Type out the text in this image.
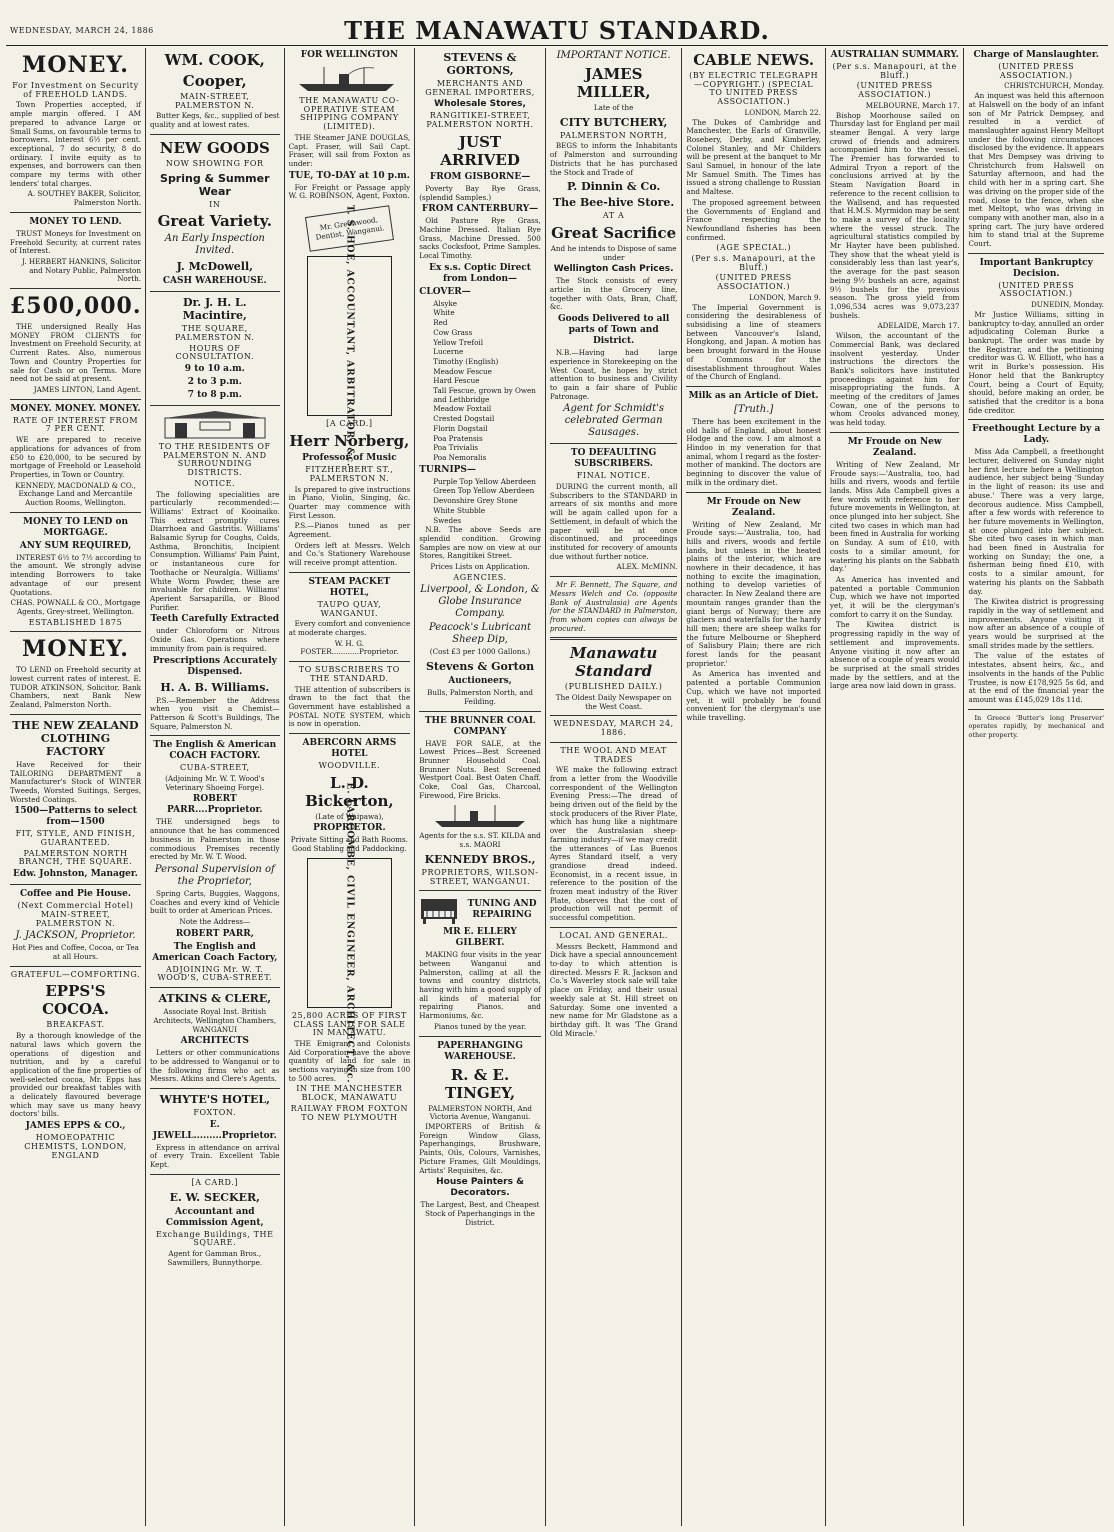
WEDNESDAY, MARCH 24, 1886	THE MANAWATU STANDARD.
MONEY.
For Investment on Security of FREEHOLD LANDS.
Town Properties accepted, if ample margin offered. I AM prepared to advance Large or Small Sums, on favourable terms to borrowers. Interest 6½ per cent. exceptional, 7 do security, 8 do ordinary. I invite equity as to expenses, and borrowers can then compare my terms with other lenders' total charges.
A. SOUTHEY BAKER, Solicitor, Palmerston North.
MONEY TO LEND.
TRUST Moneys for Investment on Freehold Security, at current rates of Interest.
J. HERBERT HANKINS, Solicitor and Notary Public, Palmerston North.
£500,000.
THE undersigned Really Has MONEY FROM CLIENTS for Investment on Freehold Security, at Current Rates. Also, numerous Town and Country Properties for sale for Cash or on Terms. More need not be said at present.
JAMES LINTON, Land Agent.
MONEY. MONEY. MONEY.
RATE OF INTEREST FROM 7 PER CENT.
WE are prepared to receive applications for advances of from £50 to £20,000, to be secured by mortgage of Freehold or Leasehold Properties, in Town or Country.
KENNEDY, MACDONALD & CO., Exchange Land and Mercantile Auction Rooms, Wellington.
MONEY TO LEND on MORTGAGE.
ANY SUM REQUIRED,
INTEREST 6½ to 7½ according to the amount. We strongly advise intending Borrowers to take advantage of our present Quotations.
CHAS. POWNALL & CO., Mortgage Agents, Grey-street, Wellington.
ESTABLISHED 1875
MONEY.
TO LEND on Freehold security at lowest current rates of interest. E. TUDOR ATKINSON, Solicitor, Bank Chambers, next Bank New Zealand, Palmerston North.
THE NEW ZEALAND CLOTHING FACTORY
Have Received for their TAILORING DEPARTMENT a Manufacturer's Stock of WINTER Tweeds, Worsted Suitings, Serges, Worsted Coatings.
1500—Patterns to select from—1500
FIT, STYLE, AND FINISH, GUARANTEED.
PALMERSTON NORTH BRANCH, THE SQUARE.
Edw. Johnston, Manager.
Coffee and Pie House.
(Next Commercial Hotel) MAIN-STREET, PALMERSTON N.
J. JACKSON, Proprietor.
Hot Pies and Coffee, Cocoa, or Tea at all Hours.
GRATEFUL—COMFORTING.
EPPS'S COCOA.
BREAKFAST.
By a thorough knowledge of the natural laws which govern the operations of digestion and nutrition, and by a careful application of the fine properties of well-selected cocoa, Mr. Epps has provided our breakfast tables with a delicately flavoured beverage which may save us many heavy doctors' bills.
JAMES EPPS & CO.,
HOMOEOPATHIC CHEMISTS, LONDON, ENGLAND
WM. COOK,
Cooper,
MAIN-STREET, PALMERSTON N.
Butter Kegs, &c., supplied of best quality and at lowest rates.
NEW GOODS
NOW SHOWING FOR
Spring & Summer Wear
IN
Great Variety.
An Early Inspection Invited.
J. McDowell,
CASH WAREHOUSE.
Dr. J. H. L. Macintire,
THE SQUARE, PALMERSTON N.
HOURS OF CONSULTATION.
9 to 10 a.m.
2 to 3 p.m.
7 to 8 p.m.
TO THE RESIDENTS OF PALMERSTON N. AND SURROUNDING DISTRICTS.
NOTICE.
The following specialities are particularly recommended:— Williams' Extract of Kooinaiko. This extract promptly cures Diarrhoea and Gastritis. Williams' Balsamic Syrup for Coughs, Colds, Asthma, Bronchitis, Incipient Consumption. Williams' Pain Paint, or instantaneous cure for Toothache or Neuralgia. Williams' White Worm Powder, these are invaluable for children. Williams' Aperient Sarsaparilla, or Blood Purifier.
Teeth Carefully Extracted
under Chloroform or Nitrous Oxide Gas. Operations where immunity from pain is required.
Prescriptions Accurately Dispensed.
H. A. B. Williams.
P.S.—Remember the Address when you visit a Chemist—Patterson & Scott's Buildings, The Square, Palmerston N.
The English & American COACH FACTORY.
CUBA-STREET,
(Adjoining Mr. W. T. Wood's Veterinary Shoeing Forge).
ROBERT PARR....Proprietor.
THE undersigned begs to announce that he has commenced business in Palmerston in those commodious Premises recently erected by Mr. W. T. Wood.
Personal Supervision of the Proprietor,
Spring Carts, Buggies, Waggons, Coaches and every kind of Vehicle built to order at American Prices.
Note the Address—
ROBERT PARR,
The English and American Coach Factory,
ADJOINING Mr. W. T. WOOD'S, CUBA-STREET.
ATKINS & CLERE,
Associate Royal Inst. British Architects, Wellington Chambers, WANGANUI
ARCHITECTS
Letters or other communications to be addressed to Wanganui or to the following firms who act as Messrs. Atkins and Clere's Agents.
WHYTE'S HOTEL,
FOXTON.
E. JEWELL.........Proprietor.
Express in attendance on arrival of every Train. Excellent Table Kept.
[A CARD.]
E. W. SECKER,
Accountant and Commission Agent,
Exchange Buildings, THE SQUARE.
Agent for Gamman Bros., Sawmillers, Bunnythorpe.
FOR WELLINGTON
THE MANAWATU CO-OPERATIVE STEAM SHIPPING COMPANY (LIMITED).
THE Steamer JANE DOUGLAS, Capt. Fraser, will Sail Capt. Fraser, will sail from Foxton as under:
TUE, TO-DAY at 10 p.m.
For Freight or Passage apply W. G. ROBINSON, Agent, Foxton.
Mr. Greenwood, Dentist, Wanganui.
T. S. HOE, ACCOUNTANT, ARBITRATOR, &c.
[A CARD.]
Herr Norberg,
Professor of Music
FITZHERBERT ST., PALMERSTON N.
Is prepared to give instructions in Piano, Violin, Singing, &c. Quarter may commence with First Lesson.
P.S.—Pianos tuned as per Agreement.
Orders left at Messrs. Welch and Co.'s Stationery Warehouse will receive prompt attention.
STEAM PACKET HOTEL,
TAUPO QUAY, WANGANUI.
Every comfort and convenience at moderate charges.
W. H. G. FOSTER............Proprietor.
TO SUBSCRIBERS TO THE STANDARD.
THE attention of subscribers is drawn to the fact that the Government have established a POSTAL NOTE SYSTEM, which is now in operation.
ABERCORN ARMS HOTEL
WOODVILLE.
L. D. Bickerton,
(Late of Waipawa),
PROPRIETOR.
Private Sitting and Bath Rooms.
Good Stabling and Paddocking.
E. LARCOMBE, CIVIL ENGINEER, ARCHITECT, &c.
25,800 ACRES OF FIRST CLASS LAND FOR SALE IN MANAWATU.
THE Emigrant and Colonists Aid Corporation have the above quantity of land for sale in sections varying in size from 100 to 500 acres.
IN THE MANCHESTER BLOCK, MANAWATU
RAILWAY FROM FOXTON TO NEW PLYMOUTH
STEVENS & GORTONS,
MERCHANTS AND GENERAL IMPORTERS,
Wholesale Stores,
RANGITIKEI-STREET, PALMERSTON NORTH.
JUST ARRIVED
FROM GISBORNE—
Poverty Bay Rye Grass, (splendid Samples.)
FROM CANTERBURY—
Old Pasture Rye Grass, Machine Dressed. Italian Rye Grass, Machine Dressed. 500 sacks Cocksfoot, Prime Samples. Local Timothy.
Ex s.s. Coptic Direct from London—
CLOVER—
Alsyke
White
Red
Cow Grass
Yellow Trefoil
Lucerne
Timothy (English)
Meadow Fescue
Hard Fescue
Tall Fescue, grown by Owen and Lethbridge
Meadow Foxtail
Crested Dogstail
Florin Dogstail
Poa Pratensis
Poa Trivialis
Poa Nemoralis
TURNIPS—
Purple Top Yellow Aberdeen
Green Top Yellow Aberdeen
Devonshire Grey Stone
White Stubble
Swedes
N.B. The above Seeds are splendid condition. Growing Samples are now on view at our Stores, Rangitikei Street.
Prices Lists on Application.
AGENCIES.
Liverpool, & London, & Globe Insurance Company.
Peacock's Lubricant Sheep Dip,
(Cost £3 per 1000 Gallons.)
Stevens & Gorton
Auctioneers,
Bulls, Palmerston North, and Feilding.
THE BRUNNER COAL COMPANY
HAVE FOR SALE, at the Lowest Prices—Best Screened Brunner Household Coal. Brunner Nuts. Best Screened Westport Coal. Best Oaten Chaff. Coke, Coal Gas, Charcoal, Firewood, Fire Bricks.
Agents for the s.s. ST. KILDA and s.s. MAORI
KENNEDY BROS.,
PROPRIETORS, WILSON-STREET, WANGANUI.
TUNING AND REPAIRING
MR E. ELLERY GILBERT.
MAKING four visits in the year between Wanganui and Palmerston, calling at all the towns and country districts, having with him a good supply of all kinds of material for repairing Pianos, and Harmoniums, &c.
Pianos tuned by the year.
PAPERHANGING WAREHOUSE.
R. & E. TINGEY,
PALMERSTON NORTH, And Victoria Avenue, Wanganui.
IMPORTERS of British & Foreign Window Glass, Paperhangings, Brushware, Paints, Oils, Colours, Varnishes, Picture Frames, Gilt Mouldings, Artists' Requisites, &c.
House Painters & Decorators.
The Largest, Best, and Cheapest Stock of Paperhangings in the District.
IMPORTANT NOTICE.
JAMES MILLER,
Late of the
CITY BUTCHERY,
PALMERSTON NORTH,
BEGS to inform the Inhabitants of Palmerston and surrounding Districts that he has purchased the Stock and Trade of
P. Dinnin & Co.
The Bee-hive Store.
AT A
Great Sacrifice
And he intends to Dispose of same under
Wellington Cash Prices.
The Stock consists of every article in the Grocery line, together with Oats, Bran, Chaff, &c.
Goods Delivered to all parts of Town and District.
N.B.—Having had large experience in Storekeeping on the West Coast, he hopes by strict attention to business and Civility to gain a fair share of Public Patronage.
Agent for Schmidt's celebrated German Sausages.
TO DEFAULTING SUBSCRIBERS.
FINAL NOTICE.
DURING the current month, all Subscribers to the STANDARD in arrears of six months and more will be again called upon for a Settlement, in default of which the paper will be at once discontinued, and proceedings instituted for recovery of amounts due without further notice.
ALEX. McMINN.
Mr F. Bennett, The Square, and Messrs Welch and Co. (opposite Bank of Australasia) are Agents for the STANDARD in Palmerston, from whom copies can always be procured.
Manawatu Standard
(PUBLISHED DAILY.)
The Oldest Daily Newspaper on the West Coast.
WEDNESDAY, MARCH 24, 1886.
THE WOOL AND MEAT TRADES
WE make the following extract from a letter from the Woodville correspondent of the Wellington Evening Press:—The dread of being driven out of the field by the stock producers of the River Plate, which has hung like a nightmare over the Australasian sheep-farming industry—if we may credit the utterances of Las Buenos Ayres Standard itself, a very grandiose dread indeed. Economist, in a recent issue, in reference to the position of the frozen meat industry of the River Plate, observes that the cost of production will not permit of successful competition.
LOCAL AND GENERAL.
Messrs Beckett, Hammond and Dick have a special announcement to-day to which attention is directed. Messrs F. R. Jackson and Co.'s Waverley stock sale will take place on Friday, and their usual weekly sale at St. Hill street on Saturday. Some one invented a new name for Mr Gladstone as a birthday gift. It was 'The Grand Old Miracle.'
CABLE NEWS.
(BY ELECTRIC TELEGRAPH—COPYRIGHT.) (SPECIAL TO UNITED PRESS ASSOCIATION.)
LONDON, March 22.
The Dukes of Cambridge and Manchester, the Earls of Granville, Rosebery, Derby, and Kimberley, Colonel Stanley, and Mr Childers will be present at the banquet to Mr Saul Samuel, in honour of the late Mr Samuel Smith. The Times has issued a strong challenge to Russian and Maltese.
The proposed agreement between the Governments of England and France respecting the Newfoundland fisheries has been confirmed.
(AGE SPECIAL.)
(Per s.s. Manapouri, at the Bluff.)
(UNITED PRESS ASSOCIATION.)
LONDON, March 9.
The Imperial Government is considering the desirableness of subsidising a line of steamers between Vancouver's Island, Hongkong, and Japan. A motion has been brought forward in the House of Commons for the disestablishment throughout Wales of the Church of England.
Milk as an Article of Diet.
[Truth.]
There has been excitement in the old halls of England, about honest Hodge and the cow. I am almost a Hindoo in my veneration for that animal, whom I regard as the foster-mother of mankind. The doctors are beginning to discover the value of milk in the ordinary diet.
Mr Froude on New Zealand.
Writing of New Zealand, Mr Froude says:—'Australia, too, had hills and rivers, woods and fertile lands, but unless in the heated plains of the interior, which are nowhere in their decadence, it has nothing to excite the imagination, nothing to develop varieties of character. In New Zealand there are mountain ranges grander than the giant bergs of Norway; there are glaciers and waterfalls for the hardy hill men; there are sheep walks for the future Melbourne or Shepherd of Salisbury Plain; there are rich forest lands for the peasant proprietor.'
As America has invented and patented a portable Communion Cup, which we have not imported yet, it will probably be found convenient for the clergyman's use while travelling.
AUSTRALIAN SUMMARY.
(Per s.s. Manapouri, at the Bluff.)
(UNITED PRESS ASSOCIATION.)
MELBOURNE, March 17.
Bishop Moorhouse sailed on Thursday last for England per mail steamer Bengal. A very large crowd of friends and admirers accompanied him to the vessel. The Premier has forwarded to Admiral Tryon a report of the conclusions arrived at by the Steam Navigation Board in reference to the recent collision to the Wallsend, and has requested that H.M.S. Myrmidon may be sent to make a survey of the locality where the vessel struck. The agricultural statistics compiled by Mr Hayter have been published. They show that the wheat yield is considerably less than last year's, the average for the past season being 9½ bushels an acre, against 9½ bushels for the previous season. The gross yield from 1,096,534 acres was 9,073,237 bushels.
ADELAIDE, March 17.
Wilson, the accountant of the Commercial Bank, was declared insolvent yesterday. Under instructions the directors the Bank's solicitors have instituted proceedings against him for misappropriating the funds. A meeting of the creditors of James Cowan, one of the persons to whom Crooks advanced money, was held today.
Mr Froude on New Zealand.
Writing of New Zealand, Mr Froude says:—'Australia, too, had hills and rivers, woods and fertile lands. Miss Ada Campbell gives a few words with reference to her future movements in Wellington, at once plunged into her subject. She cited two cases in which man had been fined in Australia for working on Sunday. A sum of £10, with costs to a similar amount, for watering his plants on the Sabbath day.'
As America has invented and patented a portable Communion Cup, which we have not imported yet, it will be the clergyman's comfort to carry it on the Sunday.
The Kiwitea district is progressing rapidly in the way of settlement and improvements. Anyone visiting it now after an absence of a couple of years would be surprised at the small strides made by the settlers, and at the large area now laid down in grass.
Charge of Manslaughter.
(UNITED PRESS ASSOCIATION.)
CHRISTCHURCH, Monday.
An inquest was held this afternoon at Halswell on the body of an infant son of Mr Patrick Dempsey, and resulted in a verdict of manslaughter against Henry Meltopt under the following circumstances disclosed by the evidence. It appears that Mrs Dempsey was driving to Christchurch from Halswell on Saturday afternoon, and had the child with her in a spring cart. She was driving on the proper side of the road, close to the fence, when she met Meltopt, who was driving in company with another man, also in a spring cart. The jury have ordered him to stand trial at the Supreme Court.
Important Bankruptcy Decision.
(UNITED PRESS ASSOCIATION.)
DUNEDIN, Monday.
Mr Justice Williams, sitting in bankruptcy to-day, annulled an order adjudicating Coleman Burke a bankrupt. The order was made by the Registrar, and the petitioning creditor was G. W. Elliott, who has a writ in Burke's possession. His Honor held that the Bankruptcy Court, being a Court of Equity, should, before making an order, be satisfied that the creditor is a bona fide creditor.
Freethought Lecture by a Lady.
Miss Ada Campbell, a freethought lecturer, delivered on Sunday night her first lecture before a Wellington audience, her subject being 'Sunday in the light of reason: its use and abuse.' There was a very large, decorous audience. Miss Campbell, after a few words with reference to her future movements in Wellington, at once plunged into her subject. She cited two cases in which man had been fined in Australia for working on Sunday; the one, a fisherman being fined £10, with costs to a similar amount, for watering his plants on the Sabbath day.
The Kiwitea district is progressing rapidly in the way of settlement and improvements. Anyone visiting it now after an absence of a couple of years would be surprised at the small strides made by the settlers.
The value of the estates of intestates, absent heirs, &c., and insolvents in the hands of the Public Trustee, is now £178,925 5s 6d, and at the end of the financial year the amount was £145,029 18s 11d.
In Greece 'Butter's long Preserver' operates rapidly, by mechanical and other property.
